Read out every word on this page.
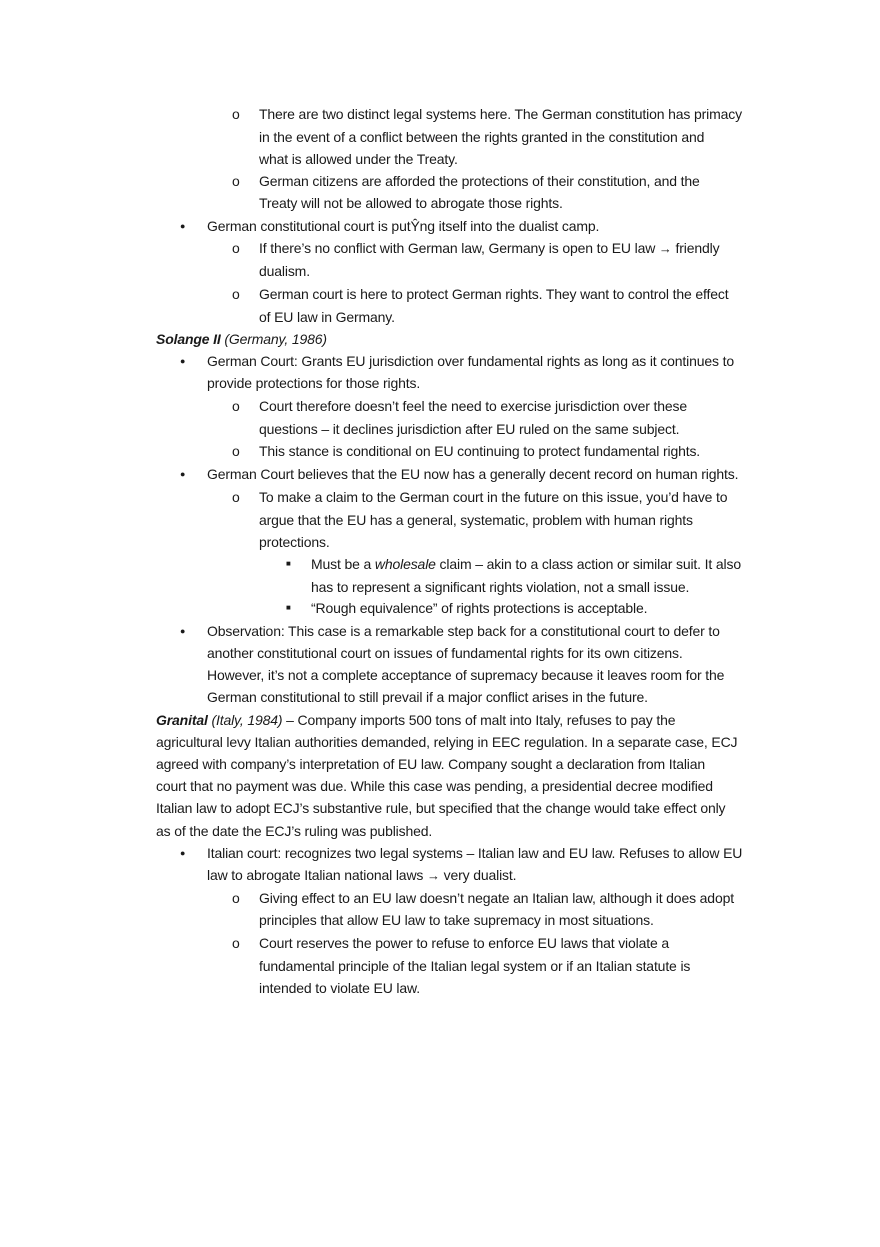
o There are two distinct legal systems here. The German constitution has primacy
in the event of a conflict between the rights granted in the constitution and
what is allowed under the Treaty.
o German citizens are afforded the protections of their constitution, and the
Treaty will not be allowed to abrogate those rights.
● German constitutional court is putŶng itself into the dualist camp.
o If there’s no conflict with German law, Germany is open to EU law → friendly
dualism.
o German court is here to protect German rights. They want to control the effect
of EU law in Germany.
Solange II (Germany, 1986)
● German Court: Grants EU jurisdiction over fundamental rights as long as it continues to
provide protections for those rights.
o Court therefore doesn’t feel the need to exercise jurisdiction over these
questions – it declines jurisdiction after EU ruled on the same subject.
o This stance is conditional on EU continuing to protect fundamental rights.
● German Court believes that the EU now has a generally decent record on human rights.
o To make a claim to the German court in the future on this issue, you’d have to
argue that the EU has a general, systematic, problem with human rights
protections.
■ Must be a wholesale claim – akin to a class action or similar suit. It also
has to represent a significant rights violation, not a small issue.
■ “Rough equivalence” of rights protections is acceptable.
● Observation: This case is a remarkable step back for a constitutional court to defer to
another constitutional court on issues of fundamental rights for its own citizens.
However, it’s not a complete acceptance of supremacy because it leaves room for the
German constitutional to still prevail if a major conflict arises in the future.
Granital (Italy, 1984) – Company imports 500 tons of malt into Italy, refuses to pay the
agricultural levy Italian authorities demanded, relying in EEC regulation. In a separate case, ECJ
agreed with company’s interpretation of EU law. Company sought a declaration from Italian
court that no payment was due. While this case was pending, a presidential decree modified
Italian law to adopt ECJ’s substantive rule, but specified that the change would take effect only
as of the date the ECJ’s ruling was published.
● Italian court: recognizes two legal systems – Italian law and EU law. Refuses to allow EU
law to abrogate Italian national laws → very dualist.
o Giving effect to an EU law doesn’t negate an Italian law, although it does adopt
principles that allow EU law to take supremacy in most situations.
o Court reserves the power to refuse to enforce EU laws that violate a
fundamental principle of the Italian legal system or if an Italian statute is
intended to violate EU law.
